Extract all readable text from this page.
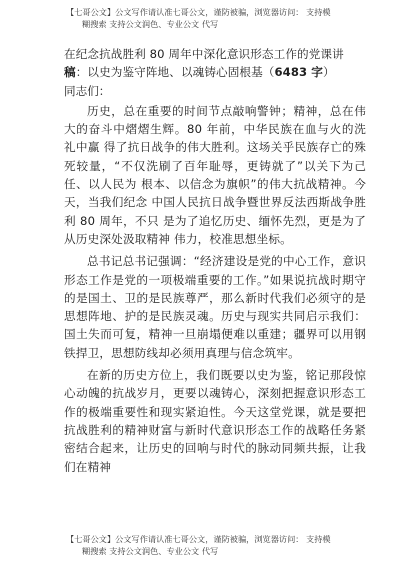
【七哥公文】公文写作请认准七哥公文，谨防被骗，浏览器访问： 支持模
糊搜索 支持公文润色、专业公文 代写

在纪念抗战胜利 80 周年中深化意识形态工作的党课讲

稿：以史为鉴守阵地、以魂铸心固根基（6483 字）

同志们：

历史，总在重要的时间节点敲响警钟；精神，总在伟大的奋斗中熠熠生辉。80 年前，中华民族在血与火的洗礼中赢 得了抗日战争的伟大胜利。这场关乎民族存亡的殊死较量，“不仅洗刷了百年耻辱，更铸就了”以关下为己任、以人民为 根本、以信念为旗帜”的伟大抗战精神。今天，当我们纪念 中国人民抗日战争暨世界反法西斯战争胜利 80 周年，不只 是为了追忆历史、缅怀先烈，更是为了从历史深处汲取精神 伟力，校准思想坐标。

总书记总书记强调：“经济建设是党的中心工作，意识形态工作是党的一项极端重要的工作。”如果说抗战时期守的是国土、卫的是民族尊严，那么新时代我们必须守的是思想阵地、护的是民族灵魂。历史与现实共同启示我们：国土失而可复，精神一旦崩塌便难以重建；疆界可以用钢铁捍卫，思想防线却必须用真理与信念筑牢。

在新的历史方位上，我们既要以史为鉴，铭记那段惊心动魄的抗战岁月，更要以魂铸心，深刻把握意识形态工作的极端重要性和现实紧迫性。今天这堂党课，就是要把抗战胜利的精神财富与新时代意识形态工作的战略任务紧密结合起来，让历史的回响与时代的脉动同频共振，让我们在精神

【七哥公文】公文写作请认准七哥公文，谨防被骗，浏览器访问： 支持模
糊搜索 支持公文润色、专业公文 代写
